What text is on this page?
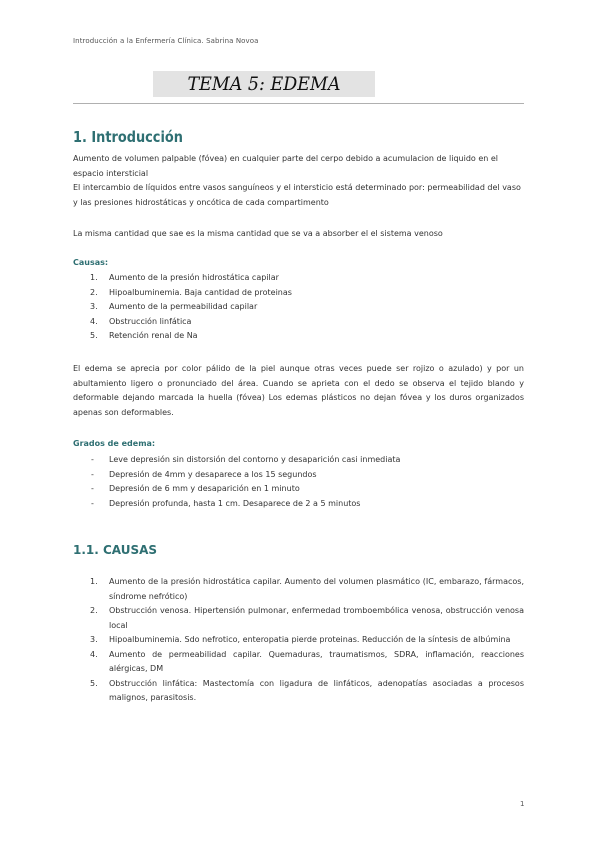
Introducción a la Enfermería Clínica. Sabrina Novoa
TEMA 5: EDEMA
1. Introducción

Aumento de volumen palpable (fóvea) en cualquier parte del cerpo debido a acumulacion de liquido en el espacio intersticial

El intercambio de líquidos entre vasos sanguíneos y el intersticio está determinado por: permeabilidad del vaso y las presiones hidrostáticas y oncótica de cada compartimento

La misma cantidad que sae es la misma cantidad que se va a absorber el el sistema venoso

Causas:
1. Aumento de la presión hidrostática capilar
2. Hipoalbuminemia. Baja cantidad de proteinas
3. Aumento de la permeabilidad capilar
4. Obstrucción linfática
5. Retención renal de Na

El edema se aprecia por color pálido de la piel aunque otras veces puede ser rojizo o azulado) y por un abultamiento ligero o pronunciado del área. Cuando se aprieta con el dedo se observa el tejido blando y deformable dejando marcada la huella (fóvea) Los edemas plásticos no dejan fóvea y los duros organizados apenas son deformables.

Grados de edema:
- Leve depresión sin distorsión del contorno y desaparición casi inmediata
- Depresión de 4mm y desaparece a los 15 segundos
- Depresión de 6 mm y desaparición en 1 minuto
- Depresión profunda, hasta 1 cm. Desaparece de 2 a 5 minutos
1.1. CAUSAS
1. Aumento de la presión hidrostática capilar. Aumento del volumen plasmático (IC, embarazo, fármacos, síndrome nefrótico)
2. Obstrucción venosa. Hipertensión pulmonar, enfermedad tromboembólica venosa, obstrucción venosa local
3. Hipoalbuminemia. Sdo nefrotico, enteropatia pierde proteinas. Reducción de la síntesis de albúmina
4. Aumento de permeabilidad capilar. Quemaduras, traumatismos, SDRA, inflamación, reacciones alérgicas, DM
5. Obstrucción linfática: Mastectomía con ligadura de linfáticos, adenopatías asociadas a procesos malignos, parasitosis.
1
